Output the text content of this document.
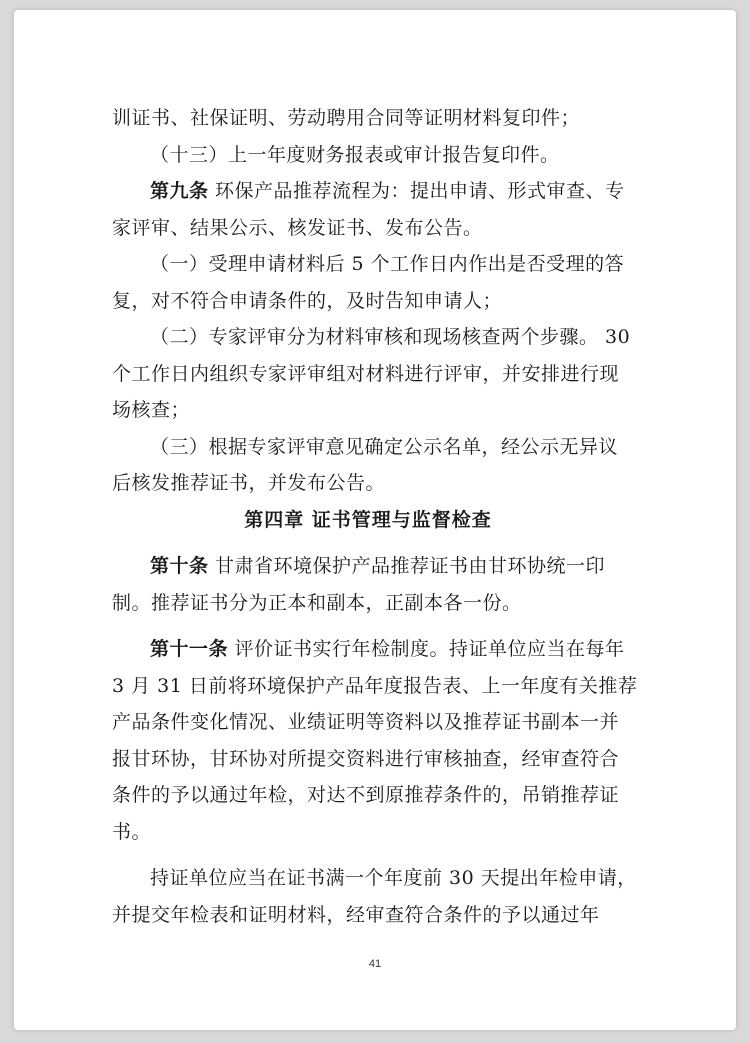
训证书、社保证明、劳动聘用合同等证明材料复印件；
（十三）上一年度财务报表或审计报告复印件。
第九条 环保产品推荐流程为：提出申请、形式审查、专
家评审、结果公示、核发证书、发布公告。
（一）受理申请材料后 5 个工作日内作出是否受理的答
复，对不符合申请条件的，及时告知申请人；
（二）专家评审分为材料审核和现场核查两个步骤。 30
个工作日内组织专家评审组对材料进行评审，并安排进行现
场核查；
（三）根据专家评审意见确定公示名单，经公示无异议
后核发推荐证书，并发布公告。
第四章 证书管理与监督检查
第十条 甘肃省环境保护产品推荐证书由甘环协统一印
制。推荐证书分为正本和副本，正副本各一份。
第十一条 评价证书实行年检制度。持证单位应当在每年
3 月 31 日前将环境保护产品年度报告表、上一年度有关推荐
产品条件变化情况、业绩证明等资料以及推荐证书副本一并
报甘环协，甘环协对所提交资料进行审核抽查，经审查符合
条件的予以通过年检，对达不到原推荐条件的，吊销推荐证
书。
持证单位应当在证书满一个年度前 30 天提出年检申请，
并提交年检表和证明材料，经审查符合条件的予以通过年
41
